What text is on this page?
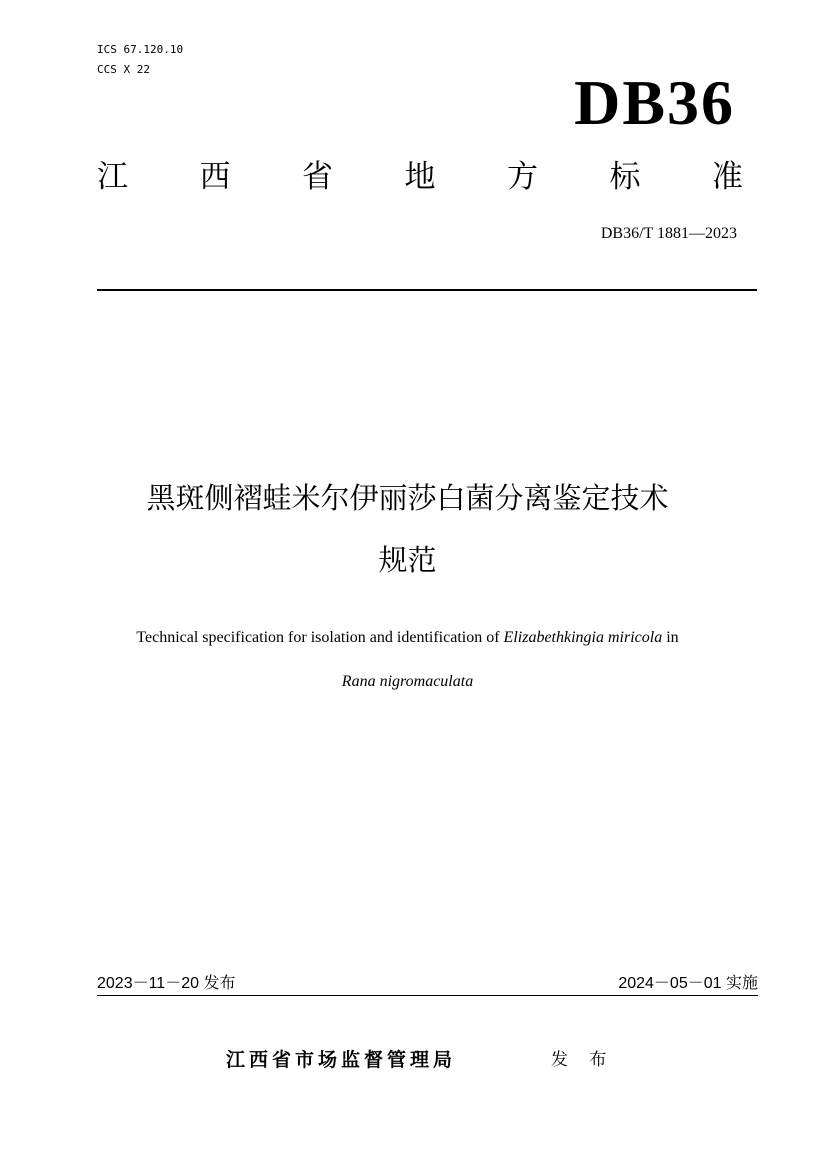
ICS 67.120.10
CCS X 22	DB36
江 西 省 地 方 标 准
DB36/T 1881—2023
黑斑侧褶蛙米尔伊丽莎白菌分离鉴定技术
规范
Technical specification for isolation and identification of Elizabethkingia miricola in
Rana nigromaculata
2023－11－20 发布	2024－05－01 实施
江西省市场监督管理局	发 布
